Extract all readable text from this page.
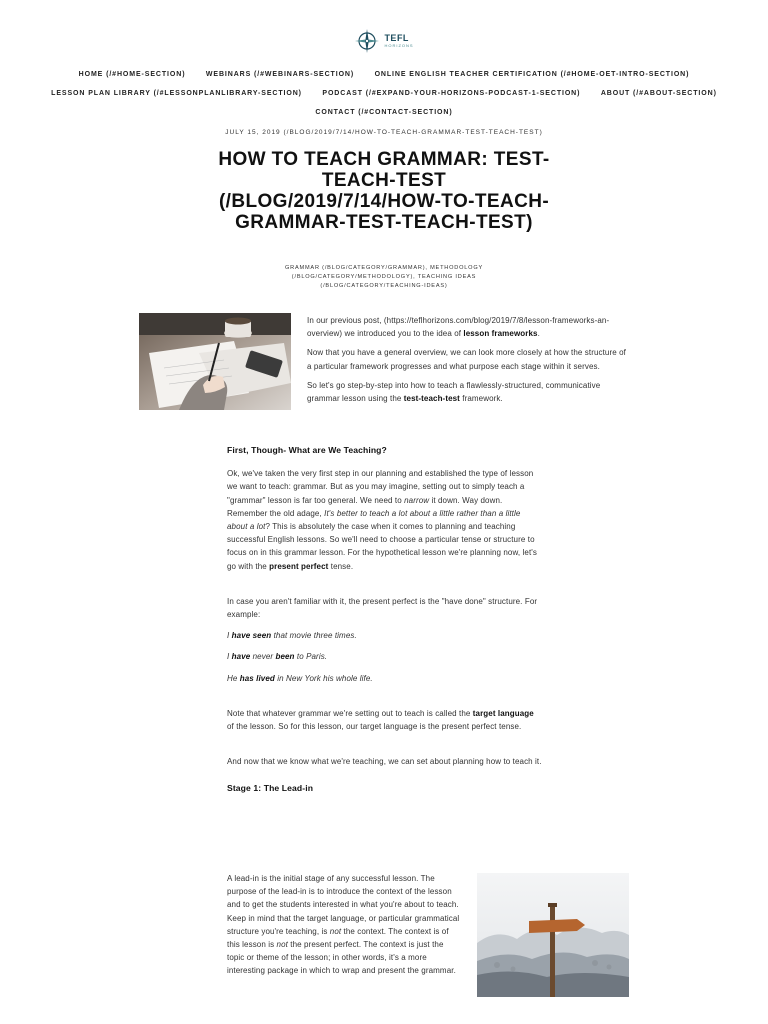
TEFL
HORIZONS
HOME (/#HOME-SECTION)	WEBINARS (/#WEBINARS-SECTION)	ONLINE ENGLISH TEACHER CERTIFICATION (/#HOME-OET-INTRO-SECTION) LESSON PLAN LIBRARY (/#LESSONPLANLIBRARY-SECTION)	PODCAST (/#EXPAND-YOUR-HORIZONS-PODCAST-1-SECTION)	ABOUT (/#ABOUT-SECTION) CONTACT (/#CONTACT-SECTION)
JULY 15, 2019 (/BLOG/2019/7/14/HOW-TO-TEACH-GRAMMAR-TEST-TEACH-TEST)
HOW TO TEACH GRAMMAR: TEST-TEACH-TEST (/BLOG/2019/7/14/HOW-TO-TEACH-GRAMMAR-TEST-TEACH-TEST)
GRAMMAR (/BLOG/CATEGORY/GRAMMAR), METHODOLOGY (/BLOG/CATEGORY/METHODOLOGY), TEACHING IDEAS (/BLOG/CATEGORY/TEACHING-IDEAS)

In our previous post, (https://teflhorizons.com/blog/2019/7/8/lesson-frameworks-an-overview) we introduced you to the idea of lesson frameworks.

Now that you have a general overview, we can look more closely at how the structure of a particular framework progresses and what purpose each stage within it serves.

So let's go step-by-step into how to teach a flawlessly-structured, communicative grammar lesson using the test-teach-test framework.

First, Though- What are We Teaching?

Ok, we've taken the very first step in our planning and established the type of lesson we want to teach: grammar. But as you may imagine, setting out to simply teach a "grammar" lesson is far too general. We need to narrow it down. Way down. Remember the old adage, It's better to teach a lot about a little rather than a little about a lot? This is absolutely the case when it comes to planning and teaching successful English lessons. So we'll need to choose a particular tense or structure to focus on in this grammar lesson. For the hypothetical lesson we're planning now, let's go with the present perfect tense.

In case you aren't familiar with it, the present perfect is the "have done" structure. For example:

I have seen that movie three times.

I have never been to Paris.

He has lived in New York his whole life.

Note that whatever grammar we're setting out to teach is called the target language of the lesson. So for this lesson, our target language is the present perfect tense.

And now that we know what we're teaching, we can set about planning how to teach it.

Stage 1: The Lead-in

A lead-in is the initial stage of any successful lesson. The purpose of the lead-in is to introduce the context of the lesson and to get the students interested in what you're about to teach. Keep in mind that the target language, or particular grammatical structure you're teaching, is not the context. The context is of this lesson is not the present perfect. The context is just the topic or theme of the lesson; in other words, it's a more interesting package in which to wrap and present the grammar.
